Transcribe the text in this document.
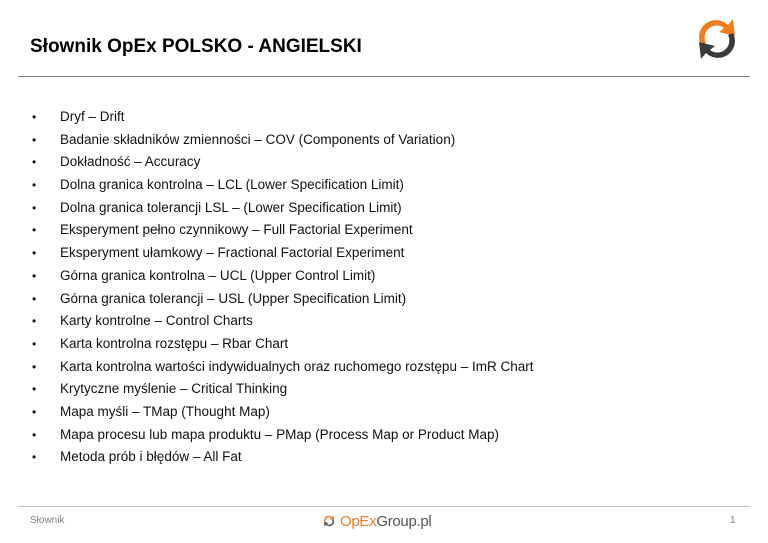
Słownik OpEx POLSKO - ANGIELSKI
• Dryf – Drift
• Badanie składników zmienności – COV (Components of Variation)
• Dokładność – Accuracy
• Dolna granica kontrolna – LCL (Lower Specification Limit)
• Dolna granica tolerancji LSL – (Lower Specification Limit)
• Eksperyment pełno czynnikowy – Full Factorial Experiment
• Eksperyment ułamkowy – Fractional Factorial Experiment
• Górna granica kontrolna – UCL (Upper Control Limit)
• Górna granica tolerancji – USL (Upper Specification Limit)
• Karty kontrolne – Control Charts
• Karta kontrolna rozstępu – Rbar Chart
• Karta kontrolna wartości indywidualnych oraz ruchomego rozstępu – ImR Chart
• Krytyczne myślenie – Critical Thinking
• Mapa myśli – TMap (Thought Map)
• Mapa procesu lub mapa produktu – PMap (Process Map or Product Map)
• Metoda prób i błędów – All Fat
Słownik	OpExGroup.pl	1
